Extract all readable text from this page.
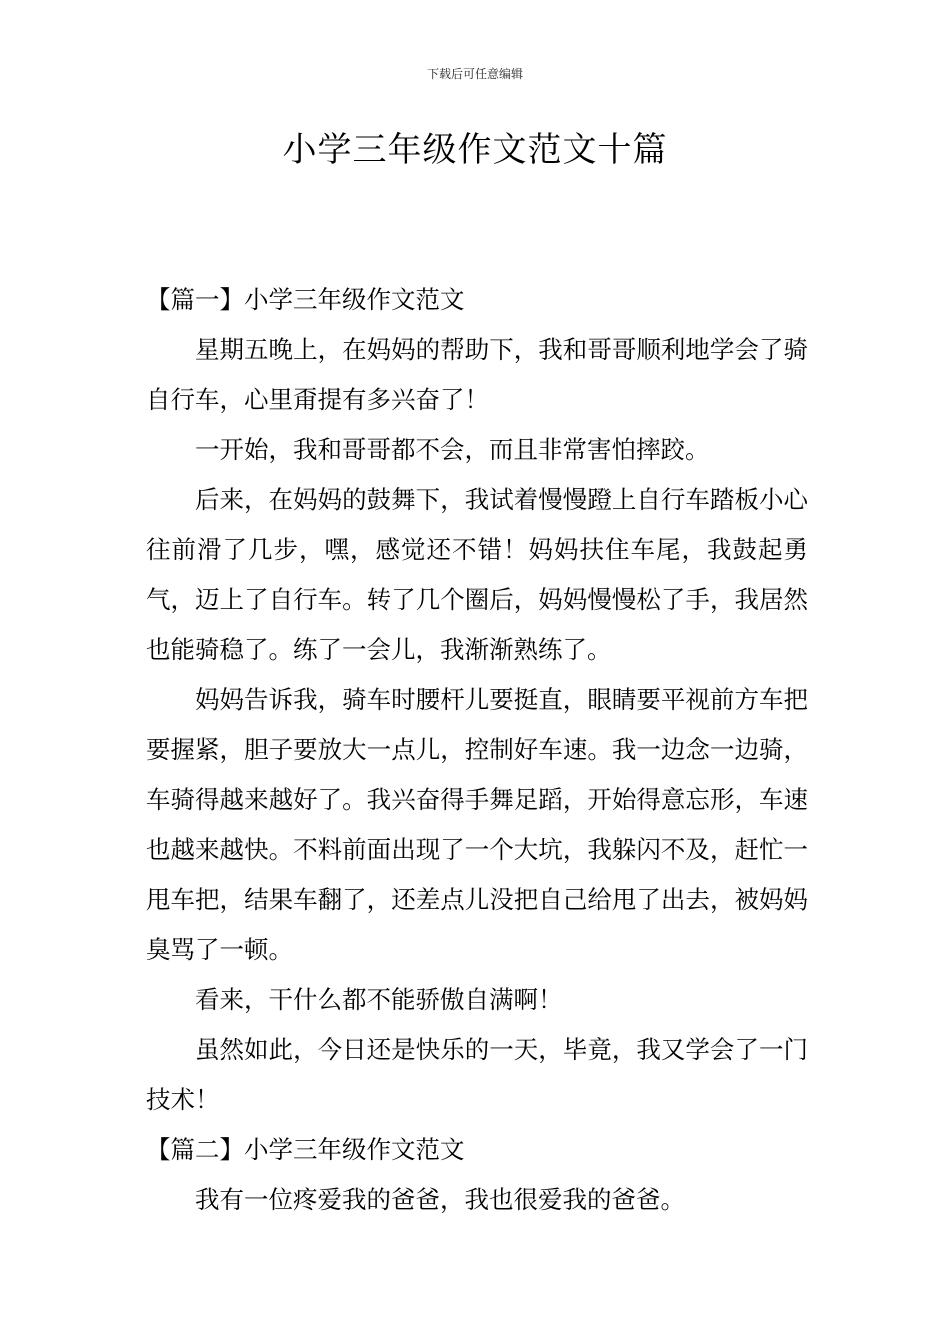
下载后可任意编辑
小学三年级作文范文十篇

【篇一】小学三年级作文范文

星期五晚上，在妈妈的帮助下，我和哥哥顺利地学会了骑自行车，心里甭提有多兴奋了！

一开始，我和哥哥都不会，而且非常害怕摔跤。

后来，在妈妈的鼓舞下，我试着慢慢蹬上自行车踏板小心往前滑了几步，嘿，感觉还不错！妈妈扶住车尾，我鼓起勇气，迈上了自行车。转了几个圈后，妈妈慢慢松了手，我居然也能骑稳了。练了一会儿，我渐渐熟练了。

妈妈告诉我，骑车时腰杆儿要挺直，眼睛要平视前方车把要握紧，胆子要放大一点儿，控制好车速。我一边念一边骑，车骑得越来越好了。我兴奋得手舞足蹈，开始得意忘形，车速也越来越快。不料前面出现了一个大坑，我躲闪不及，赶忙一甩车把，结果车翻了，还差点儿没把自己给甩了出去，被妈妈臭骂了一顿。

看来，干什么都不能骄傲自满啊！

虽然如此，今日还是快乐的一天，毕竟，我又学会了一门技术！

【篇二】小学三年级作文范文

我有一位疼爱我的爸爸，我也很爱我的爸爸。
